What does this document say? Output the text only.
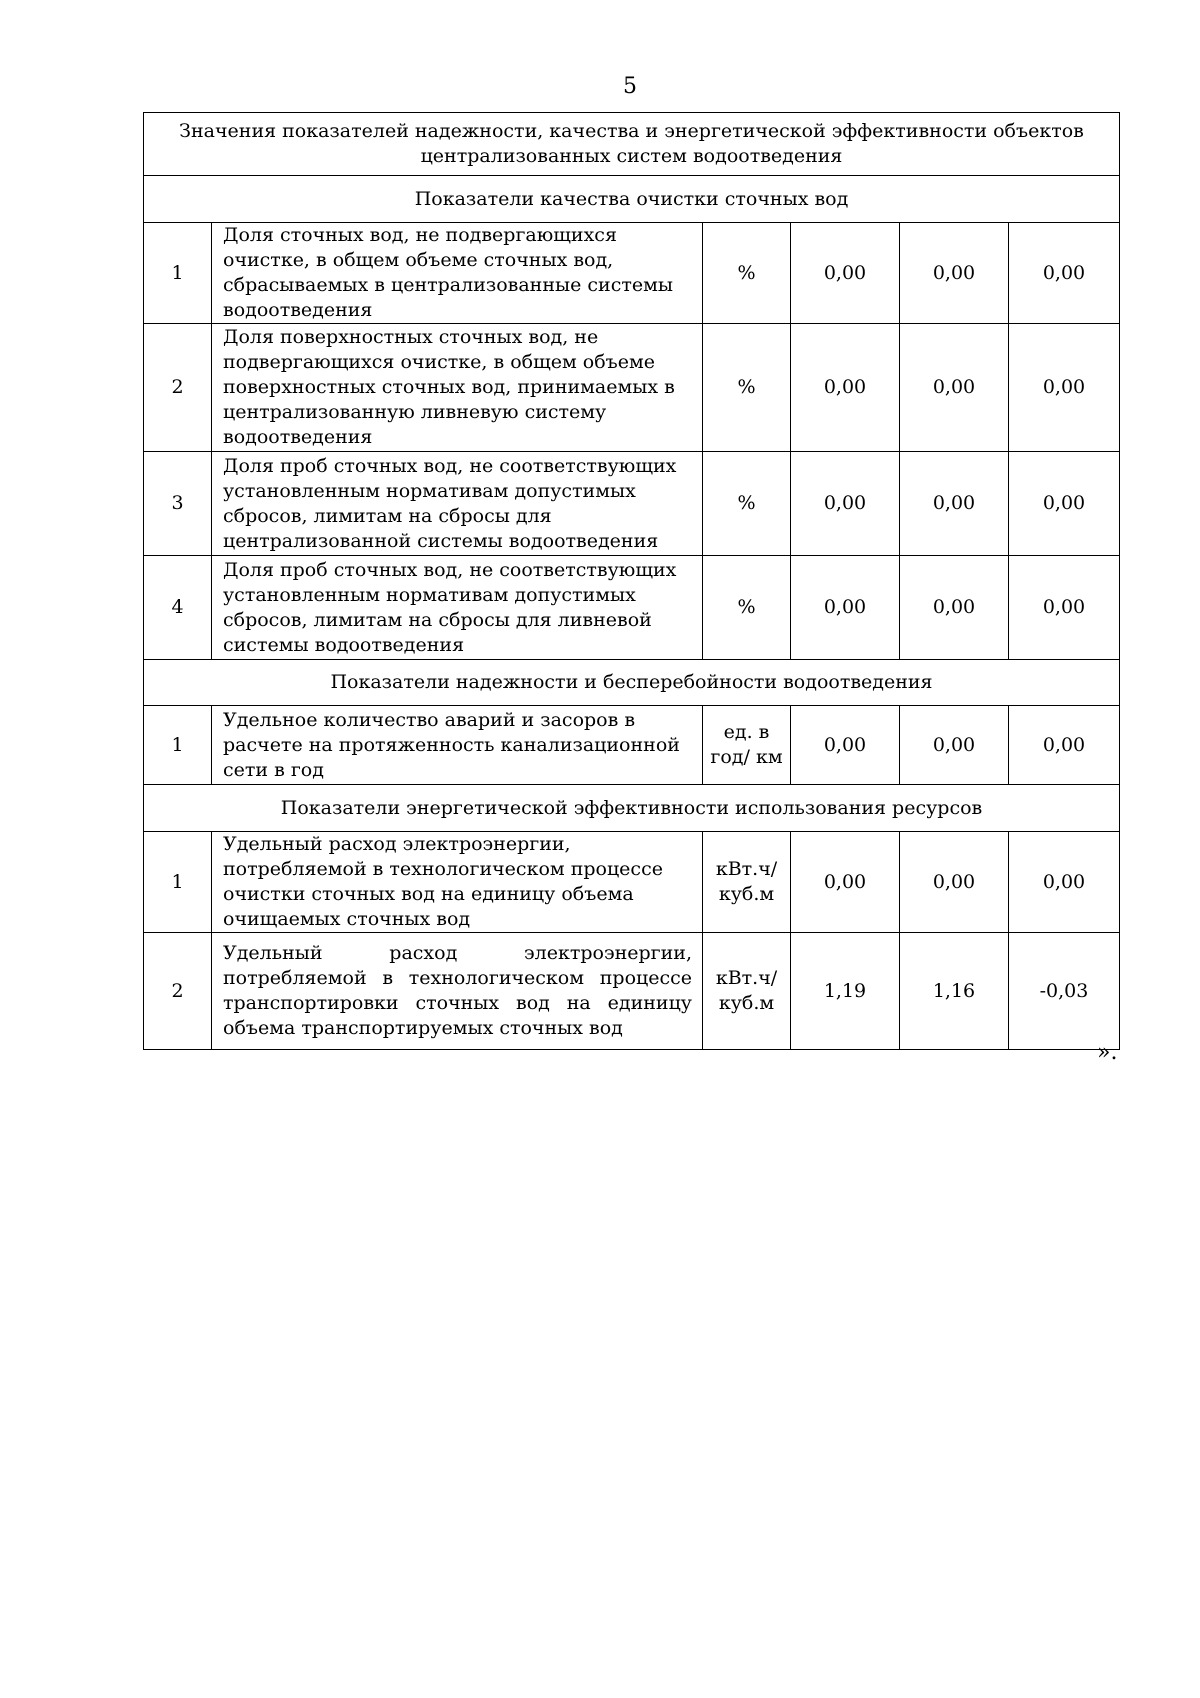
5
Значения показателей надежности, качества и энергетической эффективности объектов централизованных систем водоотведения					
Показатели качества очистки сточных вод					
1	Доля сточных вод, не подвергающихся очистке, в общем объеме сточных вод, сбрасываемых в централизованные системы водоотведения	%	0,00	0,00	0,00
2	Доля поверхностных сточных вод, не подвергающихся очистке, в общем объеме поверхностных сточных вод, принимаемых в централизованную ливневую систему водоотведения	%	0,00	0,00	0,00
3	Доля проб сточных вод, не соответствующих установленным нормативам допустимых сбросов, лимитам на сбросы для централизованной системы водоотведения	%	0,00	0,00	0,00
4	Доля проб сточных вод, не соответствующих установленным нормативам допустимых сбросов, лимитам на сбросы для ливневой системы водоотведения	%	0,00	0,00	0,00
Показатели надежности и бесперебойности водоотведения					
1	Удельное количество аварий и засоров в расчете на протяженность канализационной сети в год	ед. в год/ км	0,00	0,00	0,00
Показатели энергетической эффективности использования ресурсов					
1	Удельный расход электроэнергии, потребляемой в технологическом процессе очистки сточных вод на единицу объема очищаемых сточных вод	кВт.ч/ куб.м	0,00	0,00	0,00
2	Удельный расход электроэнергии, потребляемой в технологическом процессе транспортировки сточных вод на единицу объема транспортируемых сточных вод	кВт.ч/ куб.м	1,19	1,16	-0,03
».
